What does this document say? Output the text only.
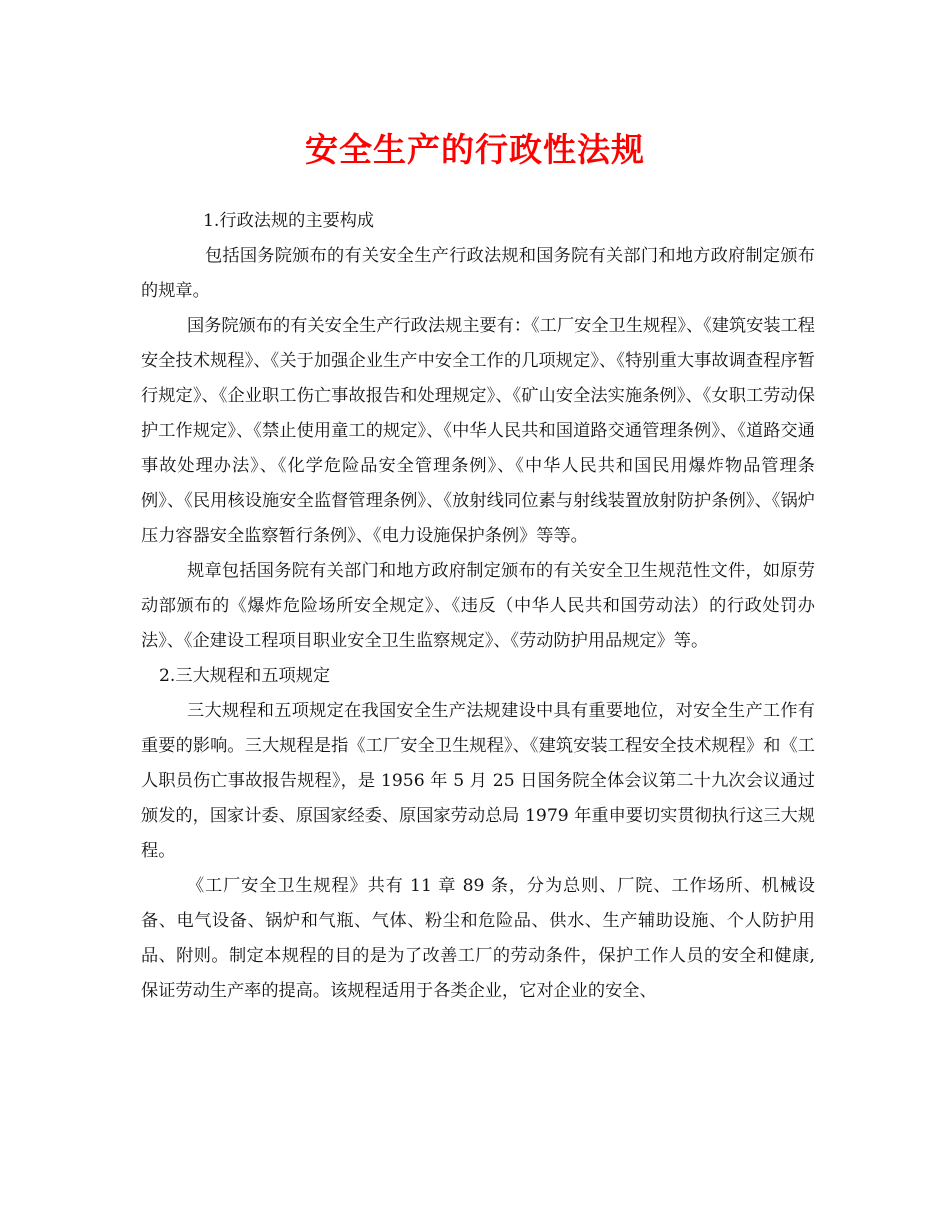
安全生产的行政性法规

1.行政法规的主要构成

包括国务院颁布的有关安全生产行政法规和国务院有关部门和地方政府制定颁布的规章。

国务院颁布的有关安全生产行政法规主要有：《工厂安全卫生规程》、《建筑安装工程安全技术规程》、《关于加强企业生产中安全工作的几项规定》、《特别重大事故调查程序暂行规定》、《企业职工伤亡事故报告和处理规定》、《矿山安全法实施条例》、《女职工劳动保护工作规定》、《禁止使用童工的规定》、《中华人民共和国道路交通管理条例》、《道路交通事故处理办法》、《化学危险品安全管理条例》、《中华人民共和国民用爆炸物品管理条例》、《民用核设施安全监督管理条例》、《放射线同位素与射线装置放射防护条例》、《锅炉压力容器安全监察暂行条例》、《电力设施保护条例》等等。

规章包括国务院有关部门和地方政府制定颁布的有关安全卫生规范性文件，如原劳动部颁布的《爆炸危险场所安全规定》、《违反（中华人民共和国劳动法）的行政处罚办法》、《企建设工程项目职业安全卫生监察规定》、《劳动防护用品规定》等。

2.三大规程和五项规定

三大规程和五项规定在我国安全生产法规建设中具有重要地位，对安全生产工作有重要的影响。三大规程是指《工厂安全卫生规程》、《建筑安装工程安全技术规程》和《工人职员伤亡事故报告规程》，是 1956 年 5 月 25 日国务院全体会议第二十九次会议通过颁发的，国家计委、原国家经委、原国家劳动总局 1979 年重申要切实贯彻执行这三大规程。

《工厂安全卫生规程》共有 11 章 89 条，分为总则、厂院、工作场所、机械设备、电气设备、锅炉和气瓶、气体、粉尘和危险品、供水、生产辅助设施、个人防护用品、附则。制定本规程的目的是为了改善工厂的劳动条件，保护工作人员的安全和健康,保证劳动生产率的提高。该规程适用于各类企业，它对企业的安全、
